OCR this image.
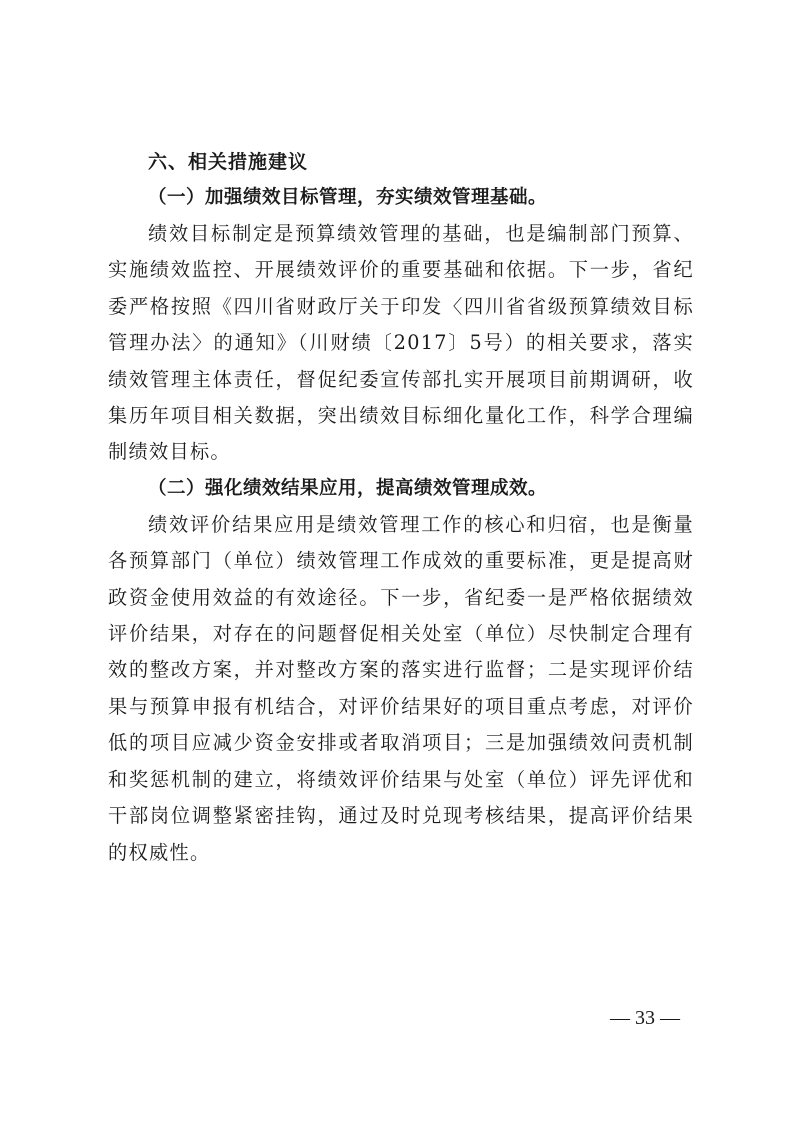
六、相关措施建议

（一）加强绩效目标管理，夯实绩效管理基础。

绩效目标制定是预算绩效管理的基础，也是编制部门预算、
实施绩效监控、开展绩效评价的重要基础和依据。下一步，省纪
委严格按照《四川省财政厅关于印发〈四川省省级预算绩效目标
管理办法〉的通知》（川财绩〔2017〕5号）的相关要求，落实
绩效管理主体责任，督促纪委宣传部扎实开展项目前期调研，收
集历年项目相关数据，突出绩效目标细化量化工作，科学合理编
制绩效目标。

（二）强化绩效结果应用，提高绩效管理成效。

绩效评价结果应用是绩效管理工作的核心和归宿，也是衡量
各预算部门（单位）绩效管理工作成效的重要标准，更是提高财
政资金使用效益的有效途径。下一步，省纪委一是严格依据绩效
评价结果，对存在的问题督促相关处室（单位）尽快制定合理有
效的整改方案，并对整改方案的落实进行监督；二是实现评价结
果与预算申报有机结合，对评价结果好的项目重点考虑，对评价
低的项目应减少资金安排或者取消项目；三是加强绩效问责机制
和奖惩机制的建立，将绩效评价结果与处室（单位）评先评优和
干部岗位调整紧密挂钩，通过及时兑现考核结果，提高评价结果
的权威性。

— 33 —
